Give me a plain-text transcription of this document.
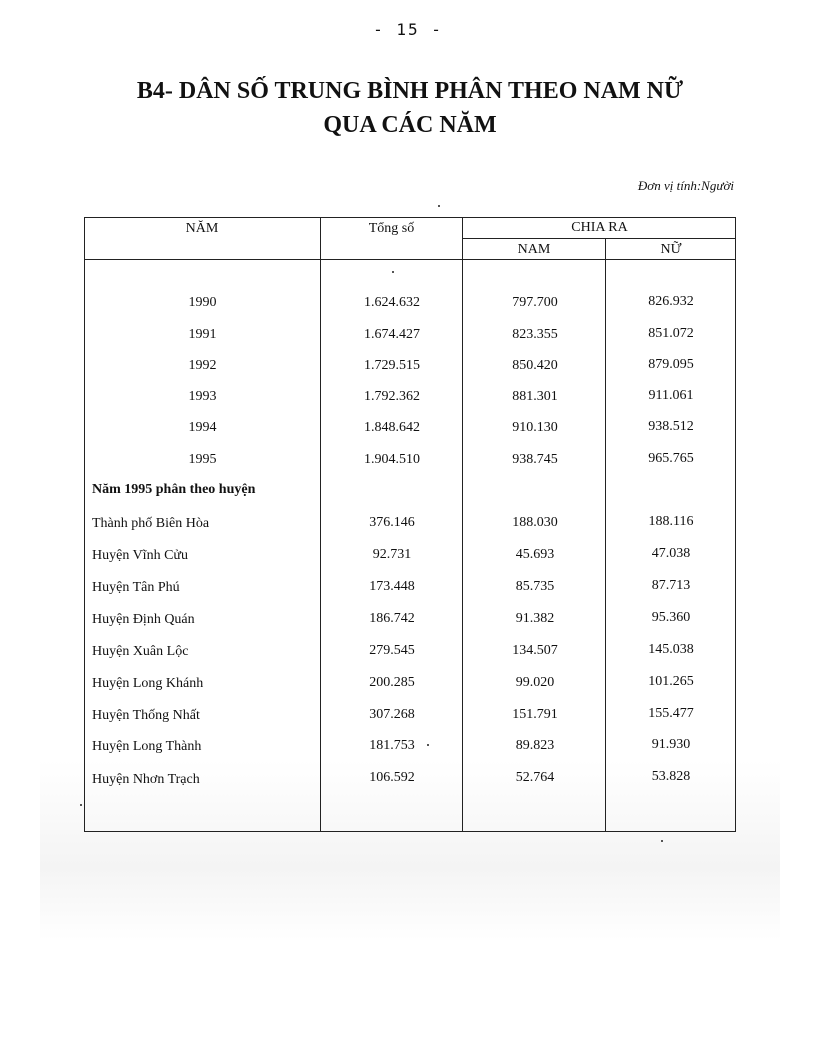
- 15 -
B4- DÂN SỐ TRUNG BÌNH PHÂN THEO NAM NỮ
QUA CÁC NĂM
Đơn vị tính:Người
NĂM	Tổng số	CHIA RA
NAM	NỮ
1990	1.624.632	797.700	826.932
1991	1.674.427	823.355	851.072
1992	1.729.515	850.420	879.095
1993	1.792.362	881.301	911.061
1994	1.848.642	910.130	938.512
1995	1.904.510	938.745	965.765
Năm 1995 phân theo huyện
Thành phố Biên Hòa	376.146	188.030	188.116
Huyện Vĩnh Cửu	92.731	45.693	47.038
Huyện Tân Phú	173.448	85.735	87.713
Huyện Định Quán	186.742	91.382	95.360
Huyện Xuân Lộc	279.545	134.507	145.038
Huyện Long Khánh	200.285	99.020	101.265
Huyện Thống Nhất	307.268	151.791	155.477
Huyện Long Thành	181.753	89.823	91.930
Huyện Nhơn Trạch	106.592	52.764	53.828
